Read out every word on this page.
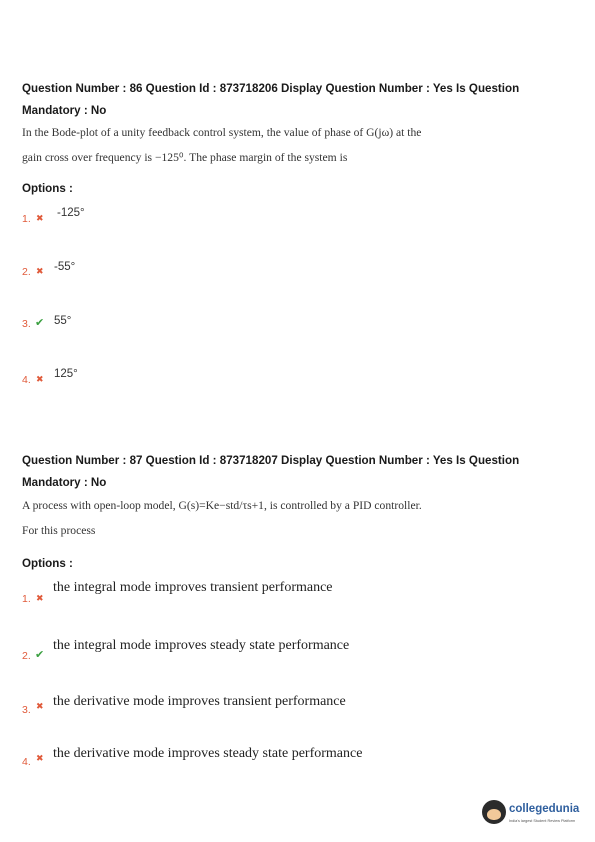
Question Number : 86 Question Id : 873718206 Display Question Number : Yes Is Question
Mandatory : No
In the Bode-plot of a unity feedback control system, the value of phase of G(jω) at the
gain cross over frequency is −125⁰. The phase margin of the system is
Options :
1. ✖ -125°
2. ✖ -55°
3. ✔ 55°
4. ✖ 125°
Question Number : 87 Question Id : 873718207 Display Question Number : Yes Is Question
Mandatory : No
A process with open-loop model, G(s)=Ke−std/τs+1, is controlled by a PID controller.
For this process
Options :
1. ✖
the integral mode improves transient performance
2. ✔
the integral mode improves steady state performance
3. ✖ the derivative mode improves transient performance
4. ✖ the derivative mode improves steady state performance
collegedunia
India's largest Student Review Platform
